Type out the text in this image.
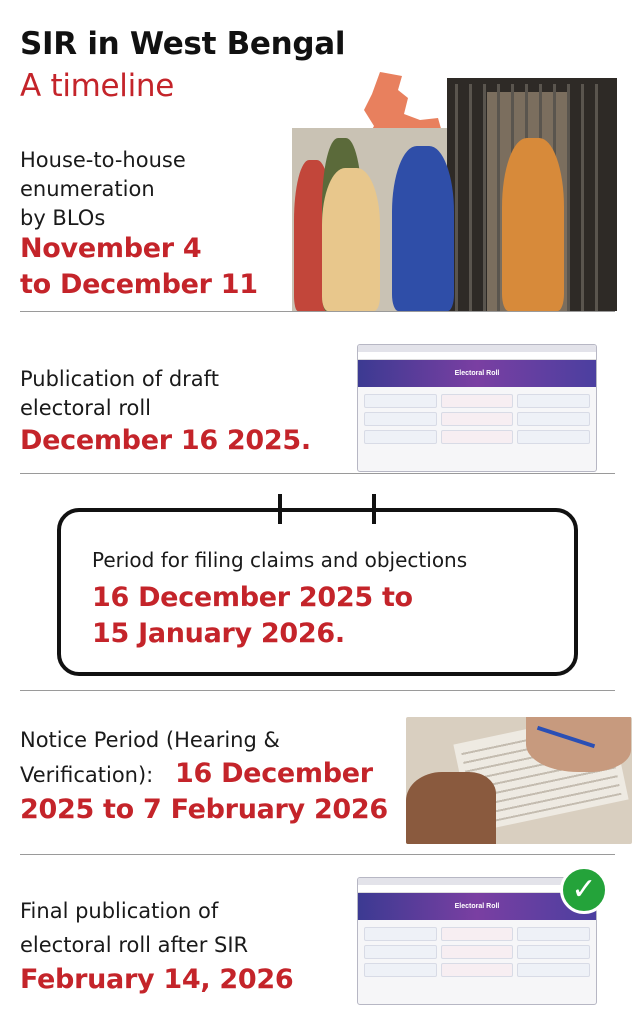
SIR in West Bengal
A timeline
House-to-house
enumeration
by BLOs
November 4
to December 11
Publication of draft
electoral roll
December 16 2025.
Electoral Roll
Period for filing claims and objections
16 December 2025 to
15 January 2026.
Notice Period (Hearing &
Verification): 16 December
2025 to 7 February 2026
Final publication of
electoral roll after SIR
February 14, 2026
Electoral Roll	✓
